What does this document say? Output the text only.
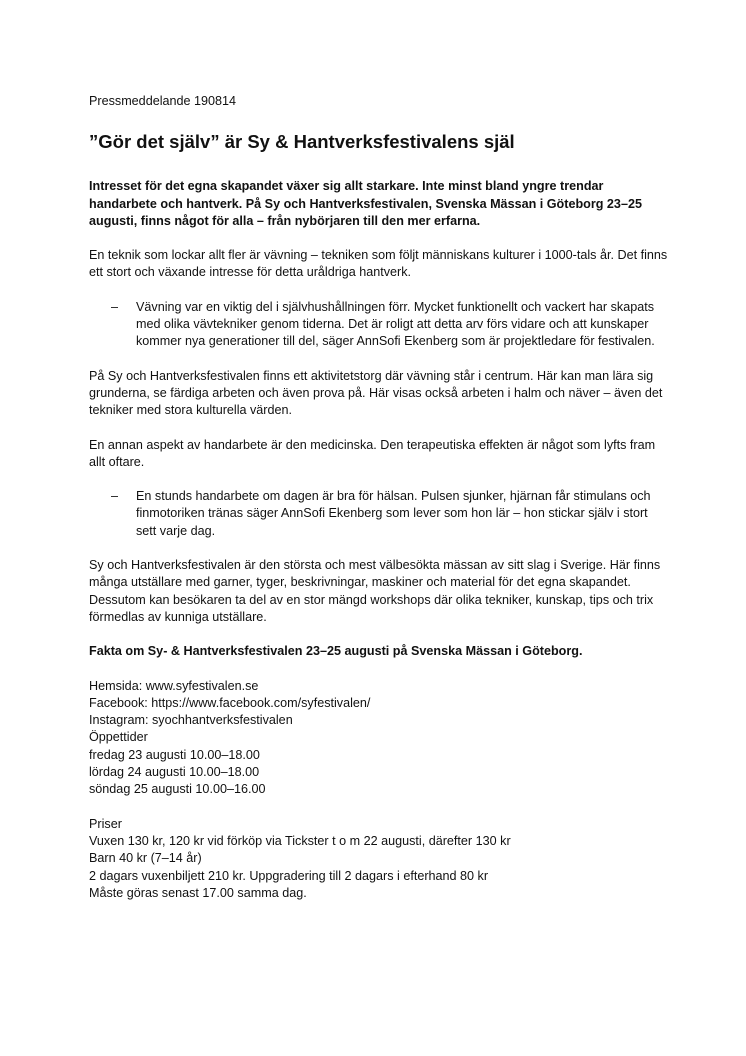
Pressmeddelande 190814

”Gör det själv” är Sy & Hantverksfestivalens själ

Intresset för det egna skapandet växer sig allt starkare. Inte minst bland yngre trendar handarbete och hantverk. På Sy och Hantverksfestivalen, Svenska Mässan i Göteborg 23–25 augusti, finns något för alla – från nybörjaren till den mer erfarna.

En teknik som lockar allt fler är vävning – tekniken som följt människans kulturer i 1000-tals år. Det finns ett stort och växande intresse för detta uråldriga hantverk.

– Vävning var en viktig del i självhushållningen förr. Mycket funktionellt och vackert har skapats med olika vävtekniker genom tiderna. Det är roligt att detta arv förs vidare och att kunskaper kommer nya generationer till del, säger AnnSofi Ekenberg som är projektledare för festivalen.

På Sy och Hantverksfestivalen finns ett aktivitetstorg där vävning står i centrum. Här kan man lära sig grunderna, se färdiga arbeten och även prova på. Här visas också arbeten i halm och näver – även det tekniker med stora kulturella värden.

En annan aspekt av handarbete är den medicinska. Den terapeutiska effekten är något som lyfts fram allt oftare.

– En stunds handarbete om dagen är bra för hälsan. Pulsen sjunker, hjärnan får stimulans och finmotoriken tränas säger AnnSofi Ekenberg som lever som hon lär – hon stickar själv i stort sett varje dag.

Sy och Hantverksfestivalen är den största och mest välbesökta mässan av sitt slag i Sverige. Här finns många utställare med garner, tyger, beskrivningar, maskiner och material för det egna skapandet. Dessutom kan besökaren ta del av en stor mängd workshops där olika tekniker, kunskap, tips och trix förmedlas av kunniga utställare.

Fakta om Sy- & Hantverksfestivalen 23–25 augusti på Svenska Mässan i Göteborg.

Hemsida: www.syfestivalen.se

Facebook: https://www.facebook.com/syfestivalen/

Instagram: syochhantverksfestivalen

Öppettider

fredag 23 augusti 10.00–18.00

lördag 24 augusti 10.00–18.00

söndag 25 augusti 10.00–16.00

Priser

Vuxen 130 kr, 120 kr vid förköp via Tickster t o m 22 augusti, därefter 130 kr

Barn 40 kr (7–14 år)

2 dagars vuxenbiljett 210 kr. Uppgradering till 2 dagars i efterhand 80 kr

Måste göras senast 17.00 samma dag.
